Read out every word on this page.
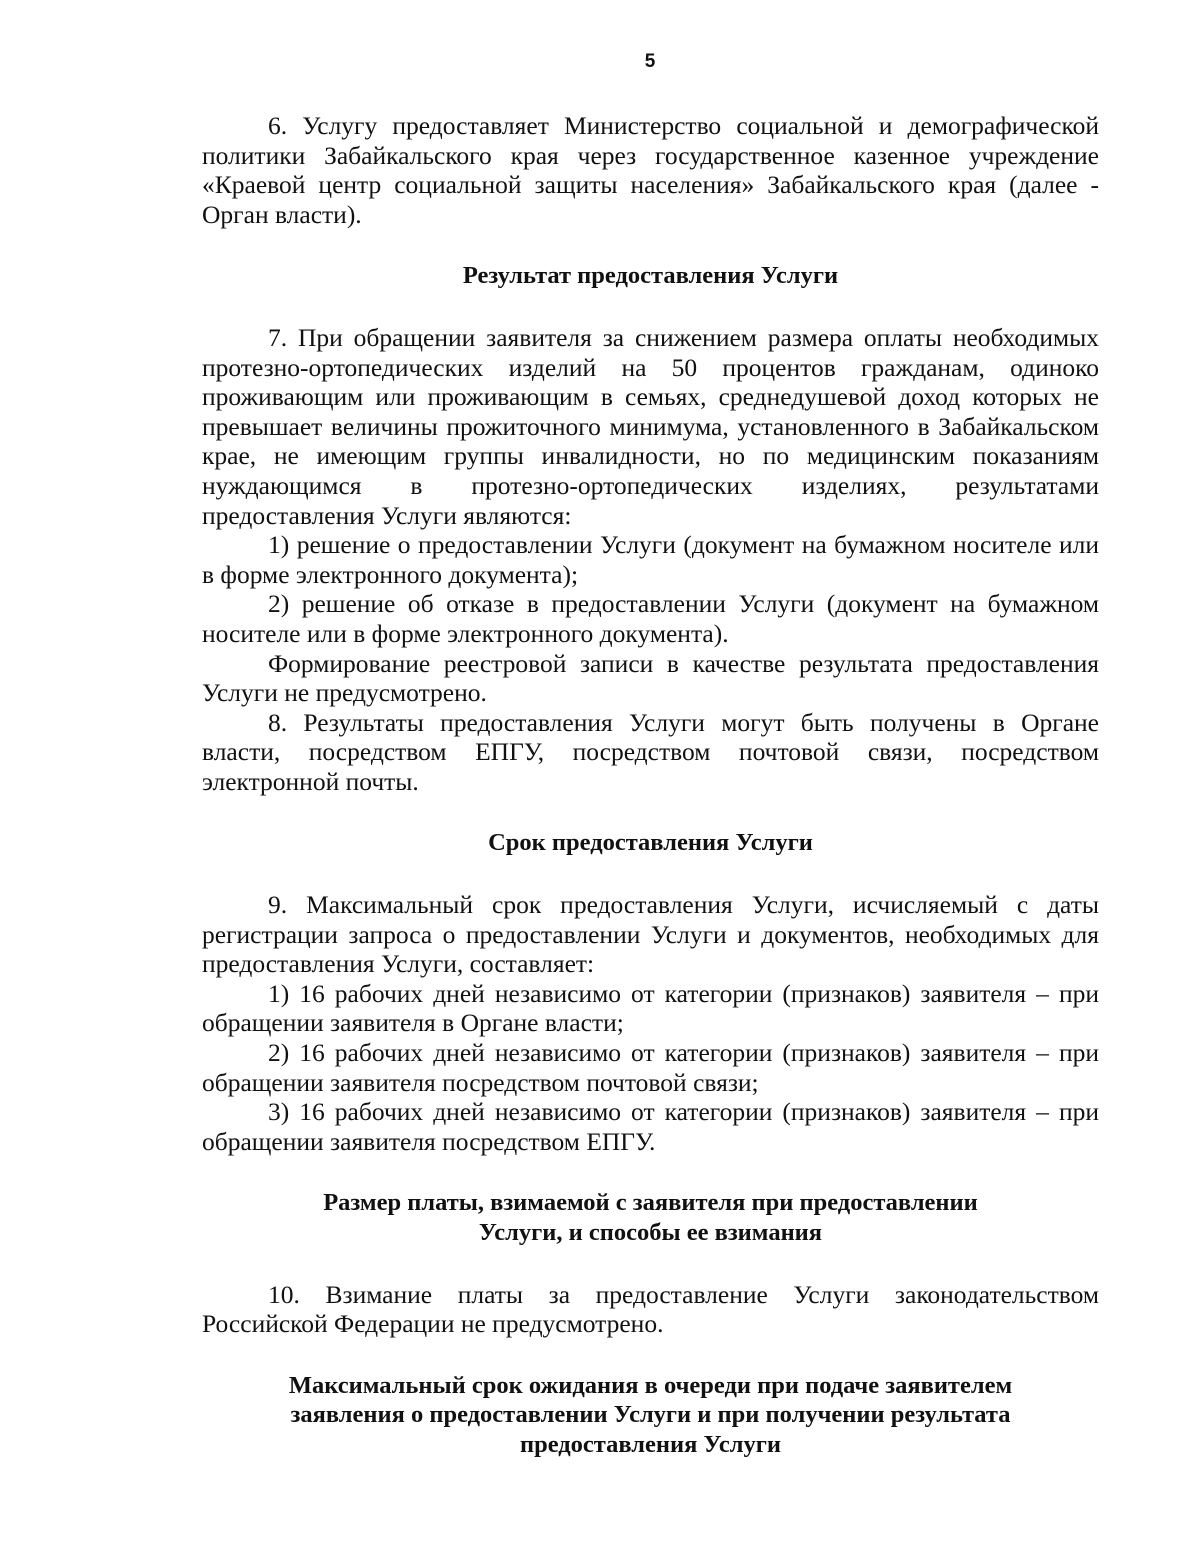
5

6. Услугу предоставляет Министерство социальной и демографической политики Забайкальского края через государственное казенное учреждение «Краевой центр социальной защиты населения» Забайкальского края (далее - Орган власти).

Результат предоставления Услуги

7. При обращении заявителя за снижением размера оплаты необходимых протезно-ортопедических изделий на 50 процентов гражданам, одиноко проживающим или проживающим в семьях, среднедушевой доход которых не превышает величины прожиточного минимума, установленного в Забайкальском крае, не имеющим группы инвалидности, но по медицинским показаниям нуждающимся в протезно-ортопедических изделиях, результатами предоставления Услуги являются:

1) решение о предоставлении Услуги (документ на бумажном носителе или в форме электронного документа);

2) решение об отказе в предоставлении Услуги (документ на бумажном носителе или в форме электронного документа).

Формирование реестровой записи в качестве результата предоставления Услуги не предусмотрено.

8. Результаты предоставления Услуги могут быть получены в Органе власти, посредством ЕПГУ, посредством почтовой связи, посредством электронной почты.

Срок предоставления Услуги

9. Максимальный срок предоставления Услуги, исчисляемый с даты регистрации запроса о предоставлении Услуги и документов, необходимых для предоставления Услуги, составляет:

1) 16 рабочих дней независимо от категории (признаков) заявителя – при обращении заявителя в Органе власти;

2) 16 рабочих дней независимо от категории (признаков) заявителя – при обращении заявителя посредством почтовой связи;

3) 16 рабочих дней независимо от категории (признаков) заявителя – при обращении заявителя посредством ЕПГУ.

Размер платы, взимаемой с заявителя при предоставлении
Услуги, и способы ее взимания

10. Взимание платы за предоставление Услуги законодательством Российской Федерации не предусмотрено.

Максимальный срок ожидания в очереди при подаче заявителем
заявления о предоставлении Услуги и при получении результата
предоставления Услуги
